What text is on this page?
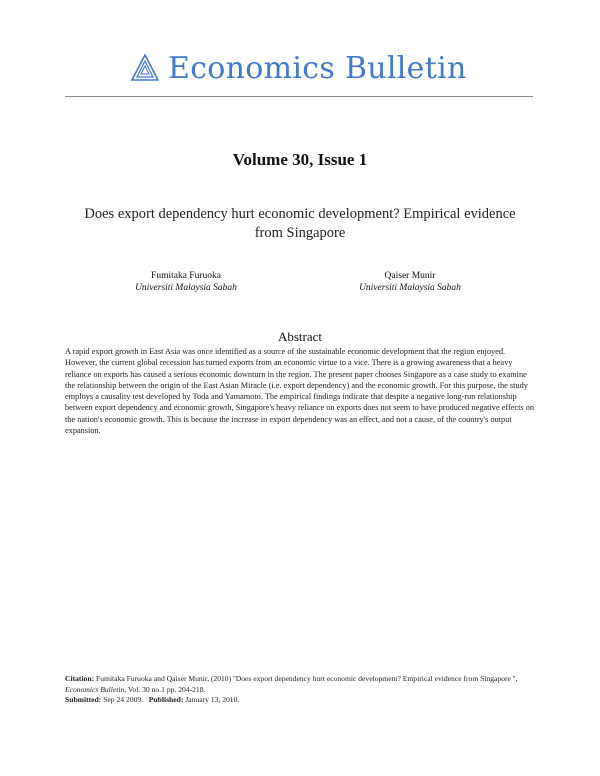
Economics Bulletin
Volume 30, Issue 1
Does export dependency hurt economic development? Empirical evidence from Singapore
Fumitaka Furuoka
Universiti Malaysia Sabah
Qaiser Munir
Universiti Malaysia Sabah
Abstract
A rapid export growth in East Asia was once identified as a source of the sustainable economic development that the region enjoyed. However, the current global recession has turned exports from an economic virtue to a vice. There is a growing awareness that a heavy reliance on exports has caused a serious economic downturn in the region. The present paper chooses Singapore as a case study to examine the relationship between the origin of the East Asian Miracle (i.e. export dependency) and the economic growth. For this purpose, the study employs a causality test developed by Toda and Yamamoto. The empirical findings indicate that despite a negative long-run relationship between export dependency and economic growth, Singapore's heavy reliance on exports does not seem to have produced negative effects on the nation's economic growth. This is because the increase in export dependency was an effect, and not a cause, of the country's output expansion.
Citation: Fumitaka Furuoka and Qaiser Munir, (2010) ''Does export dependency hurt economic development? Empirical evidence from Singapore '', Economics Bulletin, Vol. 30 no.1 pp. 204-218.
Submitted: Sep 24 2009. Published: January 13, 2010.
